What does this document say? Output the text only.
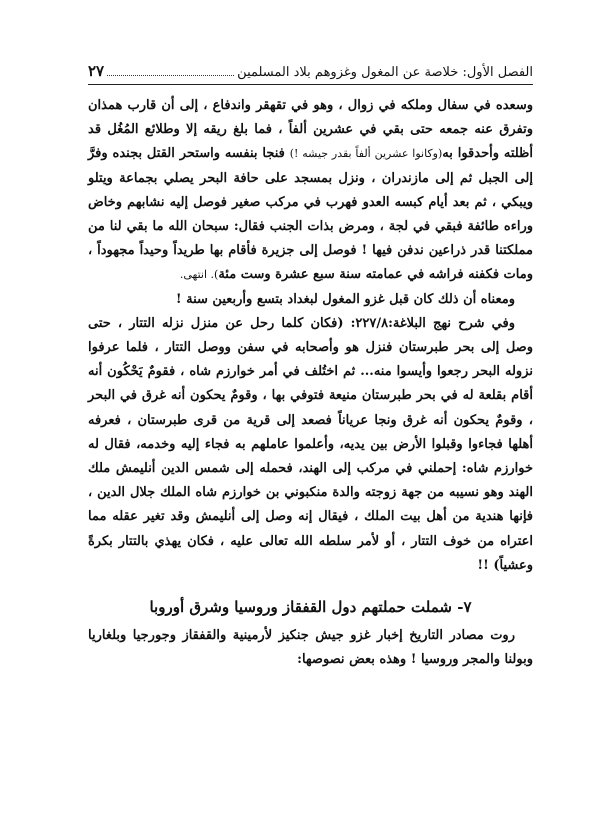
الفصل الأول: خلاصة عن المغول وغزوهم بلاد المسلمين
٢٧

وسعده في سفال وملكه في زوال ، وهو في تقهقر واندفاع ، إلى أن قارب همذان وتفرق عنه جمعه حتى بقي في عشرين ألفاً ، فما بلغ ريقه إلا وطلائع المُغُل قد أظلته وأحدقوا به(وكانوا عشرين ألفاً بقدر جيشه !) فنجا بنفسه واستحر القتل بجنده وفرَّ إلى الجبل ثم إلى مازندران ، ونزل بمسجد على حافة البحر يصلي بجماعة ويتلو ويبكي ، ثم بعد أيام كبسه العدو فهرب في مركب صغير فوصل إليه نشابهم وخاض وراءه طائفة فبقي في لجة ، ومرض بذات الجنب فقال: سبحان الله ما بقي لنا من مملكتنا قدر ذراعين ندفن فيها ! فوصل إلى جزيرة فأقام بها طريداً وحيداً مجهوداً ، ومات فكفنه فراشه في عمامته سنة سبع عشرة وست مئة). انتهى.

ومعناه أن ذلك كان قبل غزو المغول لبغداد بتسع وأربعين سنة !

وفي شرح نهج البلاغة:٢٢٧/٨: (فكان كلما رحل عن منزل نزله التتار ، حتى وصل إلى بحر طبرستان فنزل هو وأصحابه في سفن ووصل التتار ، فلما عرفوا نزوله البحر رجعوا وأيسوا منه... ثم اختُلف في أمر خوارزم شاه ، فقومٌ يَحْكُون أنه أقام بقلعة له في بحر طبرستان منيعة فتوفي بها ، وقومٌ يحكون أنه غرق في البحر ، وقومٌ يحكون أنه غرق ونجا عرياناً فصعد إلى قرية من قرى طبرستان ، فعرفه أهلها فجاءوا وقبلوا الأرض بين يديه، وأعلموا عاملهم به فجاء إليه وخدمه، فقال له خوارزم شاه: إحملني في مركب إلى الهند، فحمله إلى شمس الدين أنليمش ملك الهند وهو نسيبه من جهة زوجته والدة منكبوني بن خوارزم شاه الملك جلال الدين ، فإنها هندية من أهل بيت الملك ، فيقال إنه وصل إلى أنليمش وقد تغير عقله مما اعتراه من خوف التتار ، أو لأمر سلطه الله تعالى عليه ، فكان يهذي بالتتار بكرةً وعشياً) !!

٧- شملت حملتهم دول القفقاز وروسيا وشرق أوروبا

روت مصادر التاريخ إخبار غزو جيش جنكيز لأرمينية والقفقاز وجورجيا وبلغاريا وبولنا والمجر وروسيا ! وهذه بعض نصوصها:
